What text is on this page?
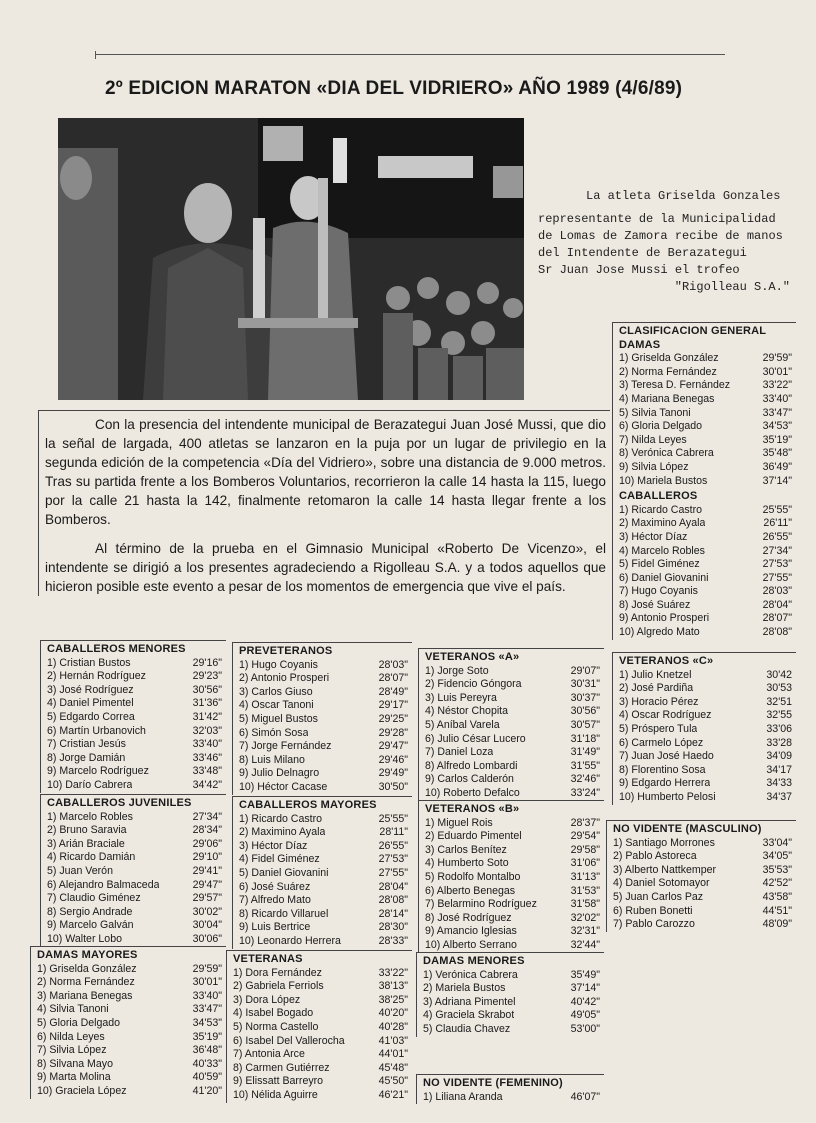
2º EDICION MARATON «DIA DEL VIDRIERO» AÑO 1989 (4/6/89)
La atleta Griselda Gonzales
representante de la Municipalidad
de Lomas de Zamora recibe de manos
del Intendente de Berazategui
Sr Juan Jose Mussi el trofeo
"Rigolleau S.A."

Con la presencia del intendente municipal de Berazategui Juan José Mussi, que dio la señal de largada, 400 atletas se lanzaron en la puja por un lugar de privilegio en la segunda edición de la competencia «Día del Vidriero», sobre una distancia de 9.000 metros. Tras su partida frente a los Bomberos Voluntarios, recorrieron la calle 14 hasta la 115, luego por la calle 21 hasta la 142, finalmente retomaron la calle 14 hasta llegar frente a los Bomberos.

Al término de la prueba en el Gimnasio Municipal «Roberto De Vicenzo», el intendente se dirigió a los presentes agradeciendo a Rigolleau S.A. y a todos aquellos que hicieron posible este evento a pesar de los momentos de emergencia que vive el país.

CLASIFICACION GENERAL
DAMAS
1) Griselda González	29'59"
2) Norma Fernández	30'01"
3) Teresa D. Fernández	33'22"
4) Mariana Benegas	33'40"
5) Silvia Tanoni	33'47"
6) Gloria Delgado	34'53"
7) Nilda Leyes	35'19"
8) Verónica Cabrera	35'48"
9) Silvia López	36'49"
10) Mariela Bustos	37'14"
CABALLEROS
1) Ricardo Castro	25'55"
2) Maximino Ayala	26'11"
3) Héctor Díaz	26'55"
4) Marcelo Robles	27'34"
5) Fidel Giménez	27'53"
6) Daniel Giovanini	27'55"
7) Hugo Coyanis	28'03"
8) José Suárez	28'04"
9) Antonio Prosperi	28'07"
10) Algredo Mato	28'08"
VETERANOS «C»
1) Julio Knetzel	30'42
2) José Pardiña	30'53
3) Horacio Pérez	32'51
4) Oscar Rodríguez	32'55
5) Próspero Tula	33'06
6) Carmelo López	33'28
7) Juan José Haedo	34'09
8) Florentino Sosa	34'17
9) Edgardo Herrera	34'33
10) Humberto Pelosi	34'37
NO VIDENTE (MASCULINO)
1) Santiago Morrones	33'04"
2) Pablo Astoreca	34'05"
3) Alberto Nattkemper	35'53"
4) Daniel Sotomayor	42'52"
5) Juan Carlos Paz	43'58"
6) Ruben Bonetti	44'51"
7) Pablo Carozzo	48'09"
CABALLEROS MENORES
1) Cristian Bustos	29'16"
2) Hernán Rodríguez	29'23"
3) José Rodríguez	30'56"
4) Daniel Pimentel	31'36"
5) Edgardo Correa	31'42"
6) Martín Urbanovich	32'03"
7) Cristian Jesús	33'40"
8) Jorge Damián	33'46"
9) Marcelo Rodríguez	33'48"
10) Darío Cabrera	34'42"
CABALLEROS JUVENILES
1) Marcelo Robles	27'34"
2) Bruno Saravia	28'34"
3) Arián Braciale	29'06"
4) Ricardo Damián	29'10"
5) Juan Verón	29'41"
6) Alejandro Balmaceda	29'47"
7) Claudio Giménez	29'57"
8) Sergio Andrade	30'02"
9) Marcelo Galván	30'04"
10) Walter Lobo	30'06"
DAMAS MAYORES
1) Griselda González	29'59"
2) Norma Fernández	30'01"
3) Mariana Benegas	33'40"
4) Silvia Tanoni	33'47"
5) Gloria Delgado	34'53"
6) Nilda Leyes	35'19"
7) Silvia López	36'48"
8) Silvana Mayo	40'33"
9) Marta Molina	40'59"
10) Graciela López	41'20"
PREVETERANOS
1) Hugo Coyanis	28'03"
2) Antonio Prosperi	28'07"
3) Carlos Giuso	28'49"
4) Oscar Tanoni	29'17"
5) Miguel Bustos	29'25"
6) Simón Sosa	29'28"
7) Jorge Fernández	29'47"
8) Luis Milano	29'46"
9) Julio Delnagro	29'49"
10) Héctor Cacase	30'50"
CABALLEROS MAYORES
1) Ricardo Castro	25'55"
2) Maximino Ayala	28'11"
3) Héctor Díaz	26'55"
4) Fidel Giménez	27'53"
5) Daniel Giovanini	27'55"
6) José Suárez	28'04"
7) Alfredo Mato	28'08"
8) Ricardo Villaruel	28'14"
9) Luis Bertrice	28'30"
10) Leonardo Herrera	28'33"
VETERANAS
1) Dora Fernández	33'22"
2) Gabriela Ferriols	38'13"
3) Dora López	38'25"
4) Isabel Bogado	40'20"
5) Norma Castello	40'28"
6) Isabel Del Vallerocha	41'03"
7) Antonia Arce	44'01"
8) Carmen Gutiérrez	45'48"
9) Elissatt Barreyro	45'50"
10) Nélida Aguirre	46'21"
VETERANOS «A»
1) Jorge Soto	29'07"
2) Fidencio Góngora	30'31"
3) Luis Pereyra	30'37"
4) Néstor Chopita	30'56"
5) Aníbal Varela	30'57"
6) Julio César Lucero	31'18"
7) Daniel Loza	31'49"
8) Alfredo Lombardi	31'55"
9) Carlos Calderón	32'46"
10) Roberto Defalco	33'24"
VETERANOS «B»
1) Miguel Rois	28'37"
2) Eduardo Pimentel	29'54"
3) Carlos Benítez	29'58"
4) Humberto Soto	31'06"
5) Rodolfo Montalbo	31'13"
6) Alberto Benegas	31'53"
7) Belarmino Rodríguez	31'58"
8) José Rodríguez	32'02"
9) Amancio Iglesias	32'31"
10) Alberto Serrano	32'44"
DAMAS MENORES
1) Verónica Cabrera	35'49"
2) Mariela Bustos	37'14"
3) Adriana Pimentel	40'42"
4) Graciela Skrabot	49'05"
5) Claudia Chavez	53'00"
NO VIDENTE (FEMENINO)
1) Liliana Aranda	46'07"
